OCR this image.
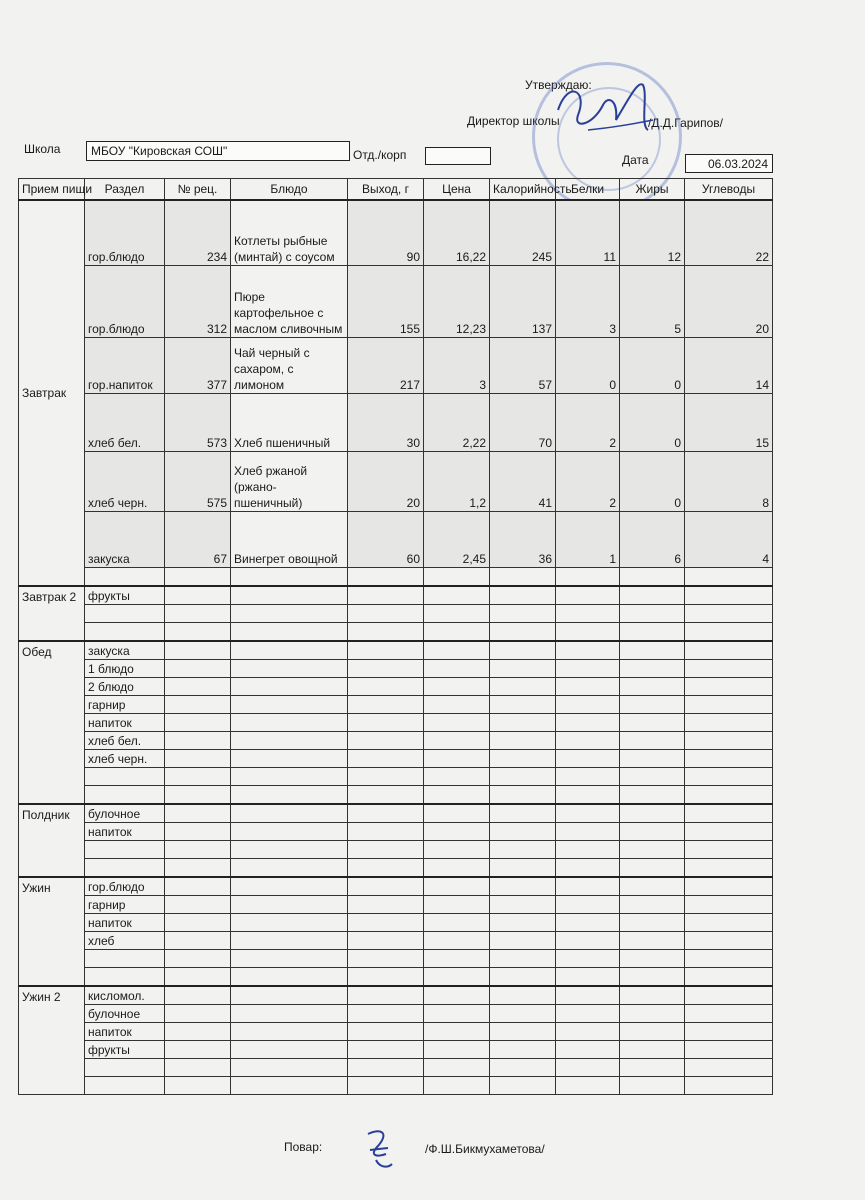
Утверждаю:
Директор школы	/Д.Д.Гарипов/
Школа	МБОУ "Кировская СОШ"	Отд./корп	Дата	06.03.2024
Прием пищи	Раздел	№ рец.	Блюдо	Выход, г	Цена	Калорийность	Белки	Жиры	Углеводы
Завтрак	гор.блюдо	234	Котлеты рыбные (минтай) с соусом	90	16,22	245	11	12	22
	гор.блюдо	312	Пюре картофельное с маслом сливочным	155	12,23	137	3	5	20
	гор.напиток	377	Чай черный с сахаром, с лимоном	217	3	57	0	0	14
	хлеб бел.	573	Хлеб пшеничный	30	2,22	70	2	0	15
	хлеб черн.	575	Хлеб ржаной (ржано-пшеничный)	20	1,2	41	2	0	8
	закуска	67	Винегрет овощной	60	2,45	36	1	6	4

Завтрак 2	фрукты								

Обед	закуска								
	1 блюдо								
	2 блюдо								
	гарнир								
	напиток								
	хлеб бел.								
	хлеб черн.								

Полдник	булочное								
	напиток								

Ужин	гор.блюдо								
	гарнир								
	напиток								
	хлеб								

Ужин 2	кисломол.								
	булочное								
	напиток								
	фрукты								

Повар:	/Ф.Ш.Бикмухаметова/
